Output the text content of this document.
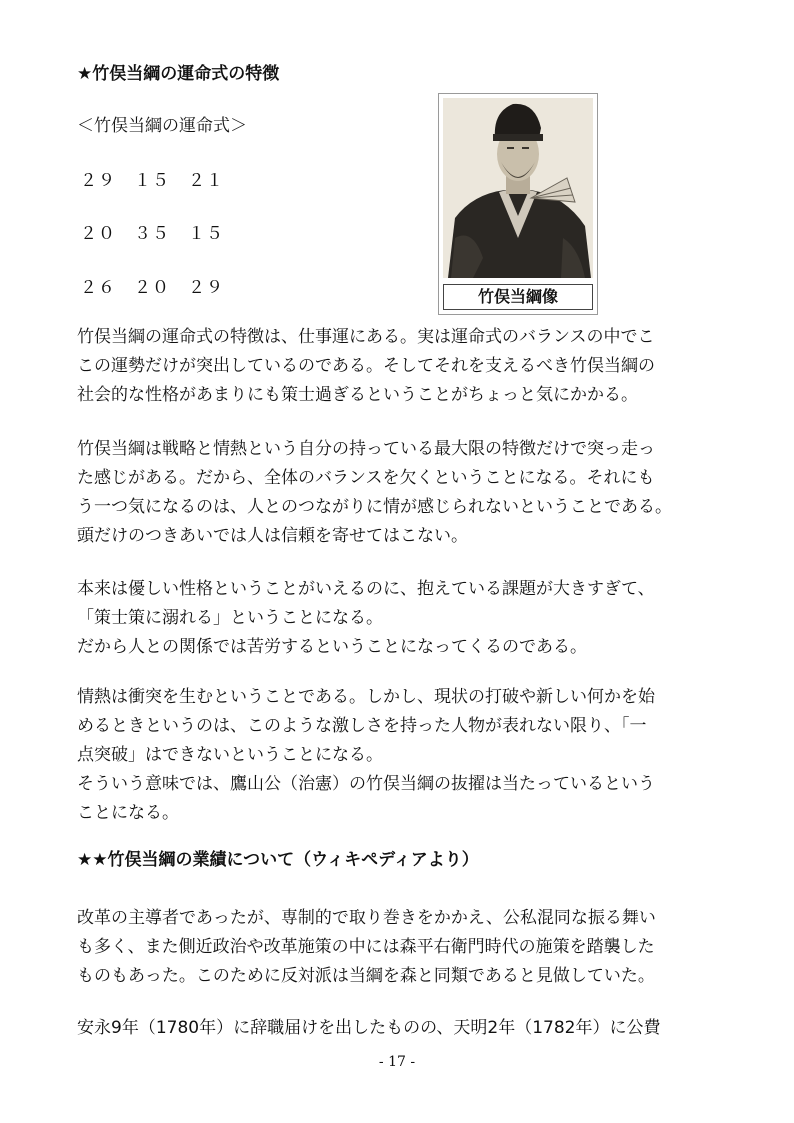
★竹俣当綱の運命式の特徴
＜竹俣当綱の運命式＞
２９　１５　２１
２０　３５　１５
２６　２０　２９	竹俣当綱像

竹俣当綱の運命式の特徴は、仕事運にある。実は運命式のバランスの中でこ

この運勢だけが突出しているのである。そしてそれを支えるべき竹俣当綱の

社会的な性格があまりにも策士過ぎるということがちょっと気にかかる。

竹俣当綱は戦略と情熱という自分の持っている最大限の特徴だけで突っ走っ

た感じがある。だから、全体のバランスを欠くということになる。それにも

う一つ気になるのは、人とのつながりに情が感じられないということである。

頭だけのつきあいでは人は信頼を寄せてはこない。

本来は優しい性格ということがいえるのに、抱えている課題が大きすぎて、

「策士策に溺れる」ということになる。

だから人との関係では苦労するということになってくるのである。

情熱は衝突を生むということである。しかし、現状の打破や新しい何かを始

めるときというのは、このような激しさを持った人物が表れない限り、「一

点突破」はできないということになる。

そういう意味では、鷹山公（治憲）の竹俣当綱の抜擢は当たっているという

ことになる。

★★竹俣当綱の業績について（ウィキペディアより）

改革の主導者であったが、専制的で取り巻きをかかえ、公私混同な振る舞い

も多く、また側近政治や改革施策の中には森平右衛門時代の施策を踏襲した

ものもあった。このために反対派は当綱を森と同類であると見做していた。

安永9年（1780年）に辞職届けを出したものの、天明2年（1782年）に公費

- 17 -
